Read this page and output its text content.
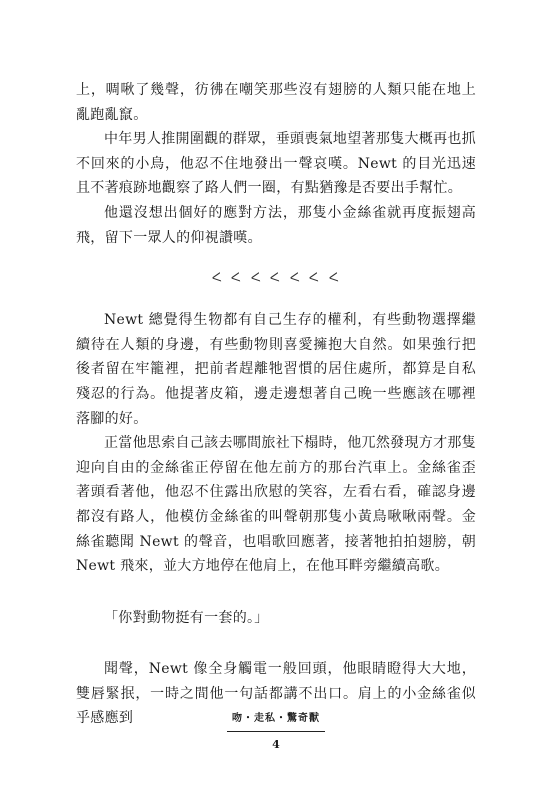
上，啁啾了幾聲，彷彿在嘲笑那些沒有翅膀的人類只能在地上亂跑亂竄。

中年男人推開圍觀的群眾，垂頭喪氣地望著那隻大概再也抓不回來的小鳥，他忍不住地發出一聲哀嘆。Newt 的目光迅速且不著痕跡地觀察了路人們一圈，有點猶豫是否要出手幫忙。

他還沒想出個好的應對方法，那隻小金絲雀就再度振翅高飛，留下一眾人的仰視讚嘆。

ᐸ ᐸ ᐸ ᐸ ᐸ ᐸ ᐸ

Newt 總覺得生物都有自己生存的權利，有些動物選擇繼續待在人類的身邊，有些動物則喜愛擁抱大自然。如果強行把後者留在牢籠裡，把前者趕離牠習慣的居住處所，都算是自私殘忍的行為。他提著皮箱，邊走邊想著自己晚一些應該在哪裡落腳的好。

正當他思索自己該去哪間旅社下榻時，他兀然發現方才那隻迎向自由的金絲雀正停留在他左前方的那台汽車上。金絲雀歪著頭看著他，他忍不住露出欣慰的笑容，左看右看，確認身邊都沒有路人，他模仿金絲雀的叫聲朝那隻小黃鳥啾啾兩聲。金絲雀聽聞 Newt 的聲音，也唱歌回應著，接著牠拍拍翅膀，朝 Newt 飛來，並大方地停在他肩上，在他耳畔旁繼續高歌。

「你對動物挺有一套的。」

聞聲，Newt 像全身觸電一般回頭，他眼睛瞪得大大地，雙唇緊抿，一時之間他一句話都講不出口。肩上的小金絲雀似乎感應到	吻・走私・驚奇獸
4
